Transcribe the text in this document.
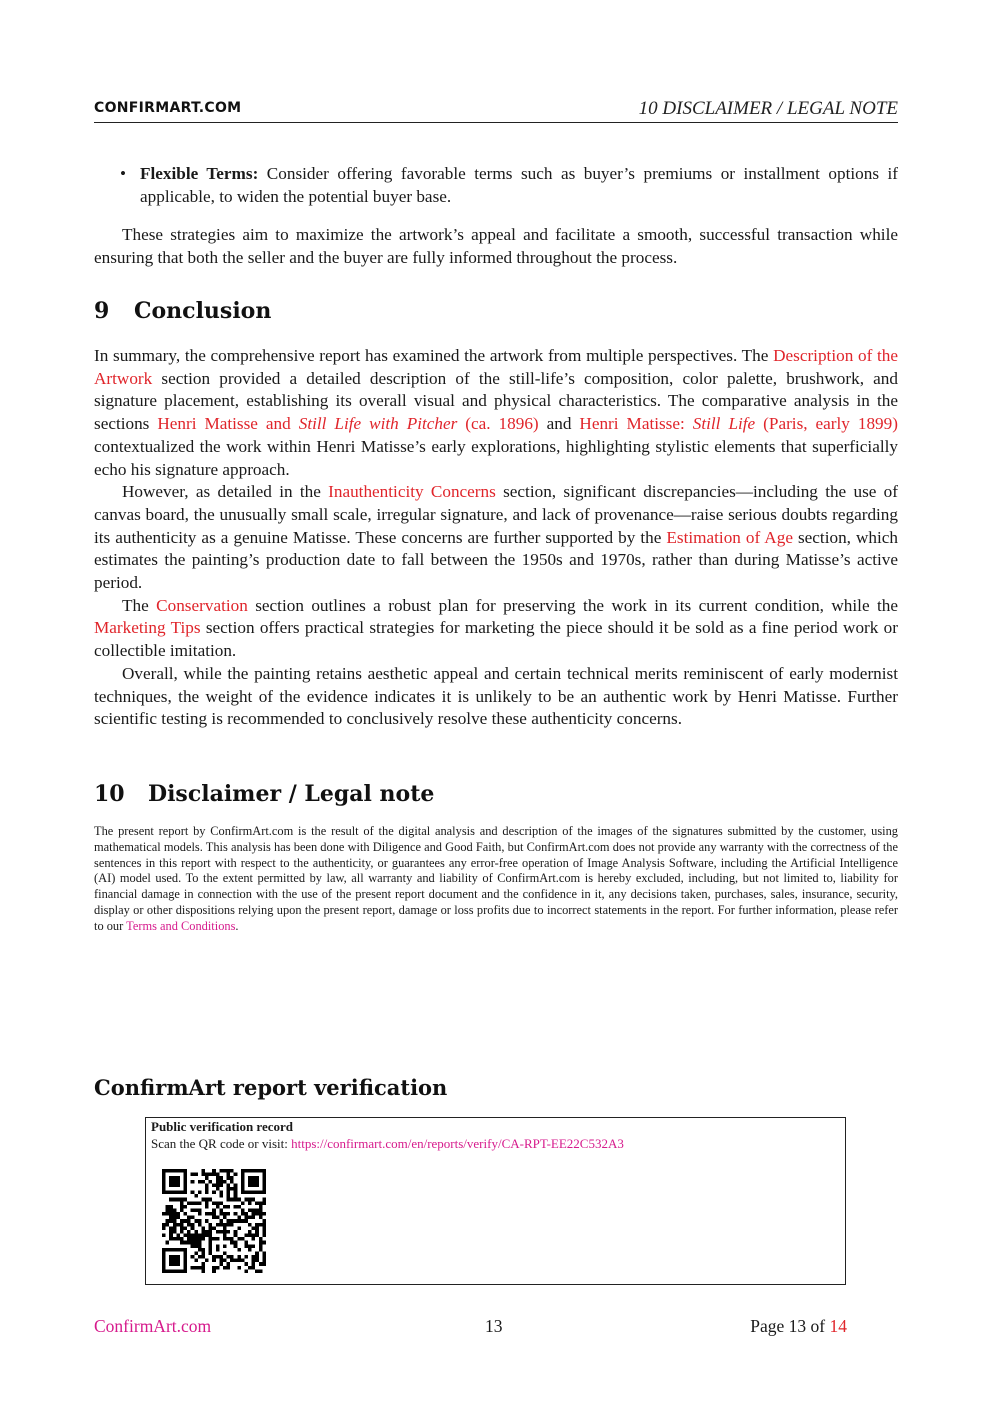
CONFIRMART.COM	10 DISCLAIMER / LEGAL NOTE
• Flexible Terms: Consider offering favorable terms such as buyer’s premiums or installment options if applicable, to widen the potential buyer base.
These strategies aim to maximize the artwork’s appeal and facilitate a smooth, successful transaction while ensuring that both the seller and the buyer are fully informed throughout the process.
9 Conclusion

In summary, the comprehensive report has examined the artwork from multiple perspectives. The Description of the Artwork section provided a detailed description of the still-life’s composition, color palette, brushwork, and signature placement, establishing its overall visual and physical characteristics. The comparative analysis in the sections Henri Matisse and Still Life with Pitcher (ca. 1896) and Henri Matisse: Still Life (Paris, early 1899) contextualized the work within Henri Matisse’s early explorations, highlighting stylistic elements that superficially echo his signature approach.

However, as detailed in the Inauthenticity Concerns section, significant discrepancies—including the use of canvas board, the unusually small scale, irregular signature, and lack of provenance—raise serious doubts regarding its authenticity as a genuine Matisse. These concerns are further supported by the Estimation of Age section, which estimates the painting’s production date to fall between the 1950s and 1970s, rather than during Matisse’s active period.

The Conservation section outlines a robust plan for preserving the work in its current condition, while the Marketing Tips section offers practical strategies for marketing the piece should it be sold as a fine period work or collectible imitation.

Overall, while the painting retains aesthetic appeal and certain technical merits reminiscent of early modernist techniques, the weight of the evidence indicates it is unlikely to be an authentic work by Henri Matisse. Further scientific testing is recommended to conclusively resolve these authenticity concerns.

10 Disclaimer / Legal note
The present report by ConfirmArt.com is the result of the digital analysis and description of the images of the signatures submitted by the customer, using mathematical models. This analysis has been done with Diligence and Good Faith, but ConfirmArt.com does not provide any warranty with the correctness of the sentences in this report with respect to the authenticity, or guarantees any error-free operation of Image Analysis Software, including the Artificial Intelligence (AI) model used. To the extent permitted by law, all warranty and liability of ConfirmArt.com is hereby excluded, including, but not limited to, liability for financial damage in connection with the use of the present report document and the confidence in it, any decisions taken, purchases, sales, insurance, security, display or other dispositions relying upon the present report, damage or loss profits due to incorrect statements in the report. For further information, please refer to our Terms and Conditions.
ConfirmArt report verification
Public verification record
Scan the QR code or visit: https://confirmart.com/en/reports/verify/CA-RPT-EE22C532A3
ConfirmArt.com	13	Page 13 of 14
